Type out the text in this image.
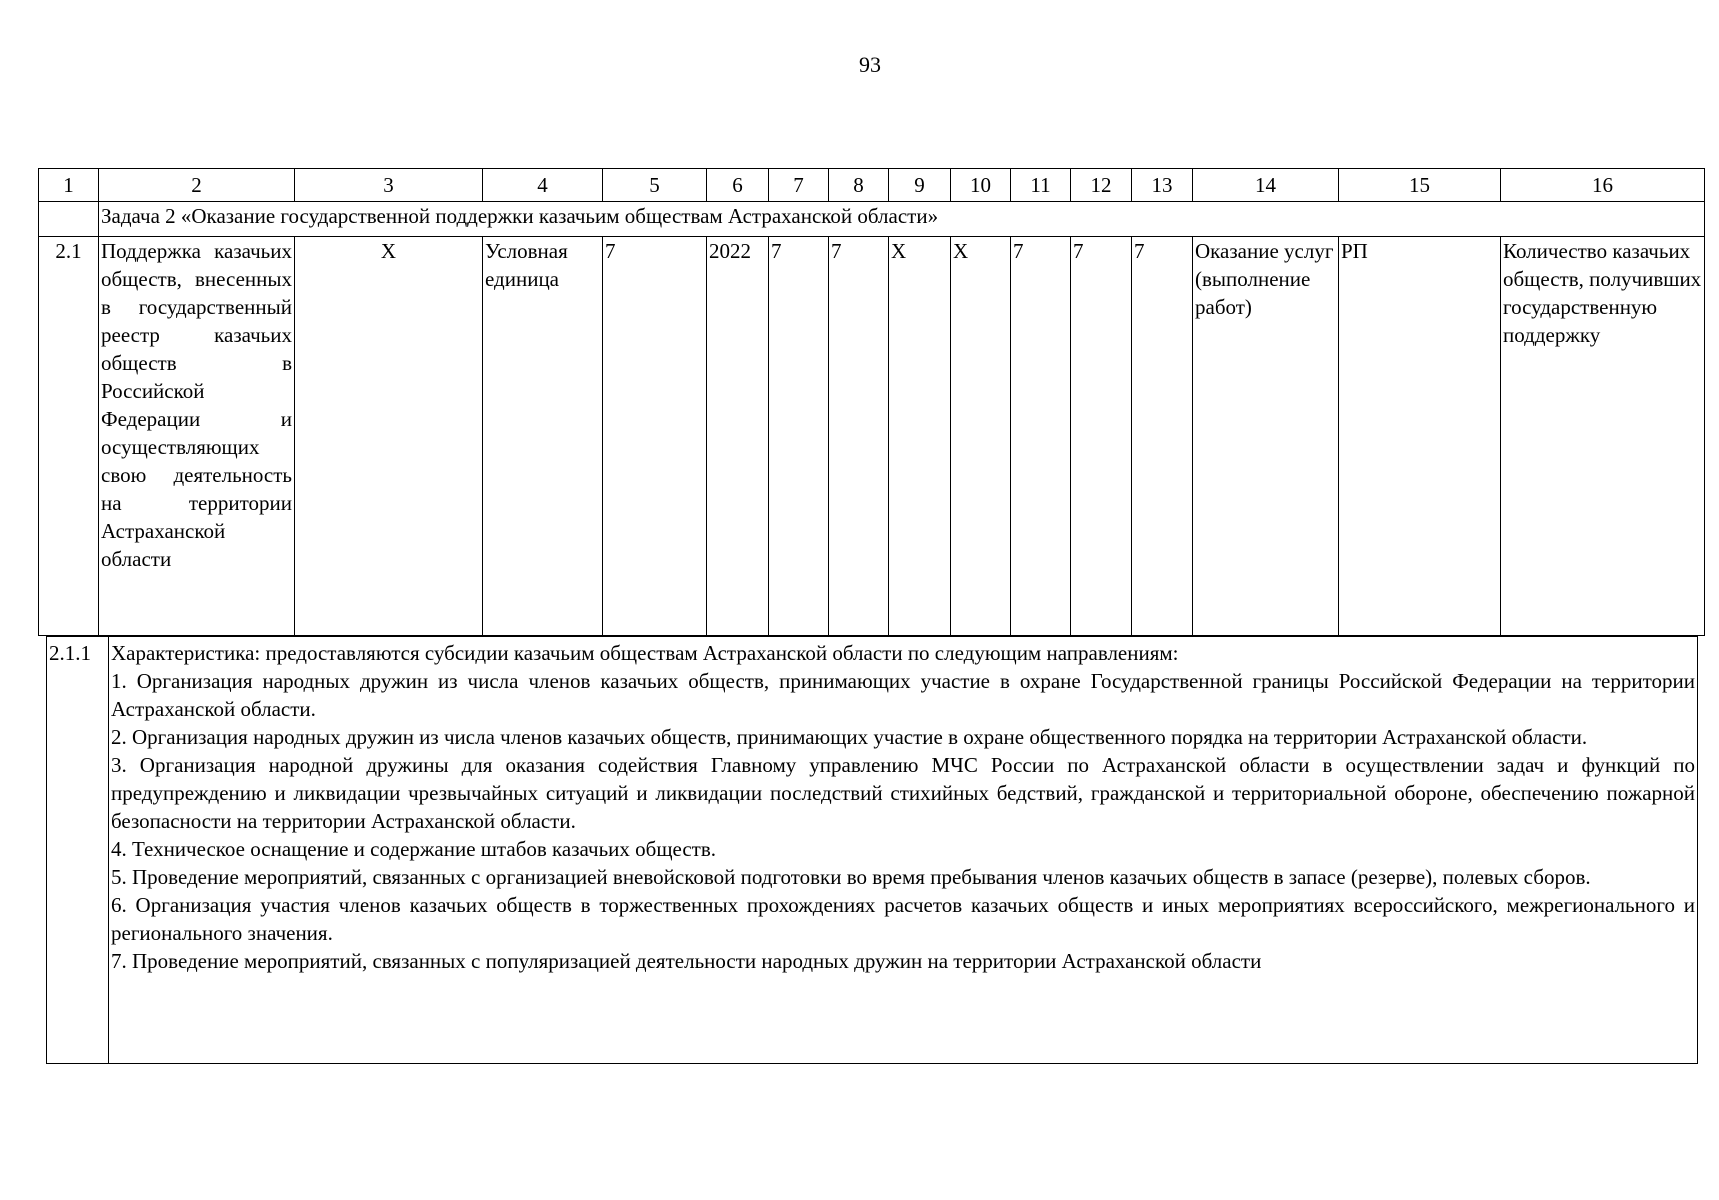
93
1	2	3	4	5	6	7	8	9	10	11	12	13	14	15	16
	Задача 2 «Оказание государственной поддержки казачьим обществам Астраханской области»														
2.1	Поддержка казачьих обществ, внесенных в государственный реестр казачьих обществ в Российской Федерации и осуществляющих свою деятельность на территории Астраханской области	Х	Условная единица	7	2022	7	7	Х	Х	7	7	7	Оказание услуг (выполнение работ)	РП	Количество казачьих обществ, получивших государственную поддержку
2.1.1	Характеристика: предоставляются субсидии казачьим обществам Астраханской области по следующим направлениям:
1. Организация народных дружин из числа членов казачьих обществ, принимающих участие в охране Государственной границы Российской Федерации на территории Астраханской области.
2. Организация народных дружин из числа членов казачьих обществ, принимающих участие в охране общественного порядка на территории Астраханской области.
3. Организация народной дружины для оказания содействия Главному управлению МЧС России по Астраханской области в осуществлении задач и функций по предупреждению и ликвидации чрезвычайных ситуаций и ликвидации последствий стихийных бедствий, гражданской и территориальной обороне, обеспечению пожарной безопасности на территории Астраханской области.
4. Техническое оснащение и содержание штабов казачьих обществ.
5. Проведение мероприятий, связанных с организацией вневойсковой подготовки во время пребывания членов казачьих обществ в запасе (резерве), полевых сборов.
6. Организация участия членов казачьих обществ в торжественных прохождениях расчетов казачьих обществ и иных мероприятиях всероссийского, межрегионального и регионального значения.
7. Проведение мероприятий, связанных с популяризацией деятельности народных дружин на территории Астраханской области
